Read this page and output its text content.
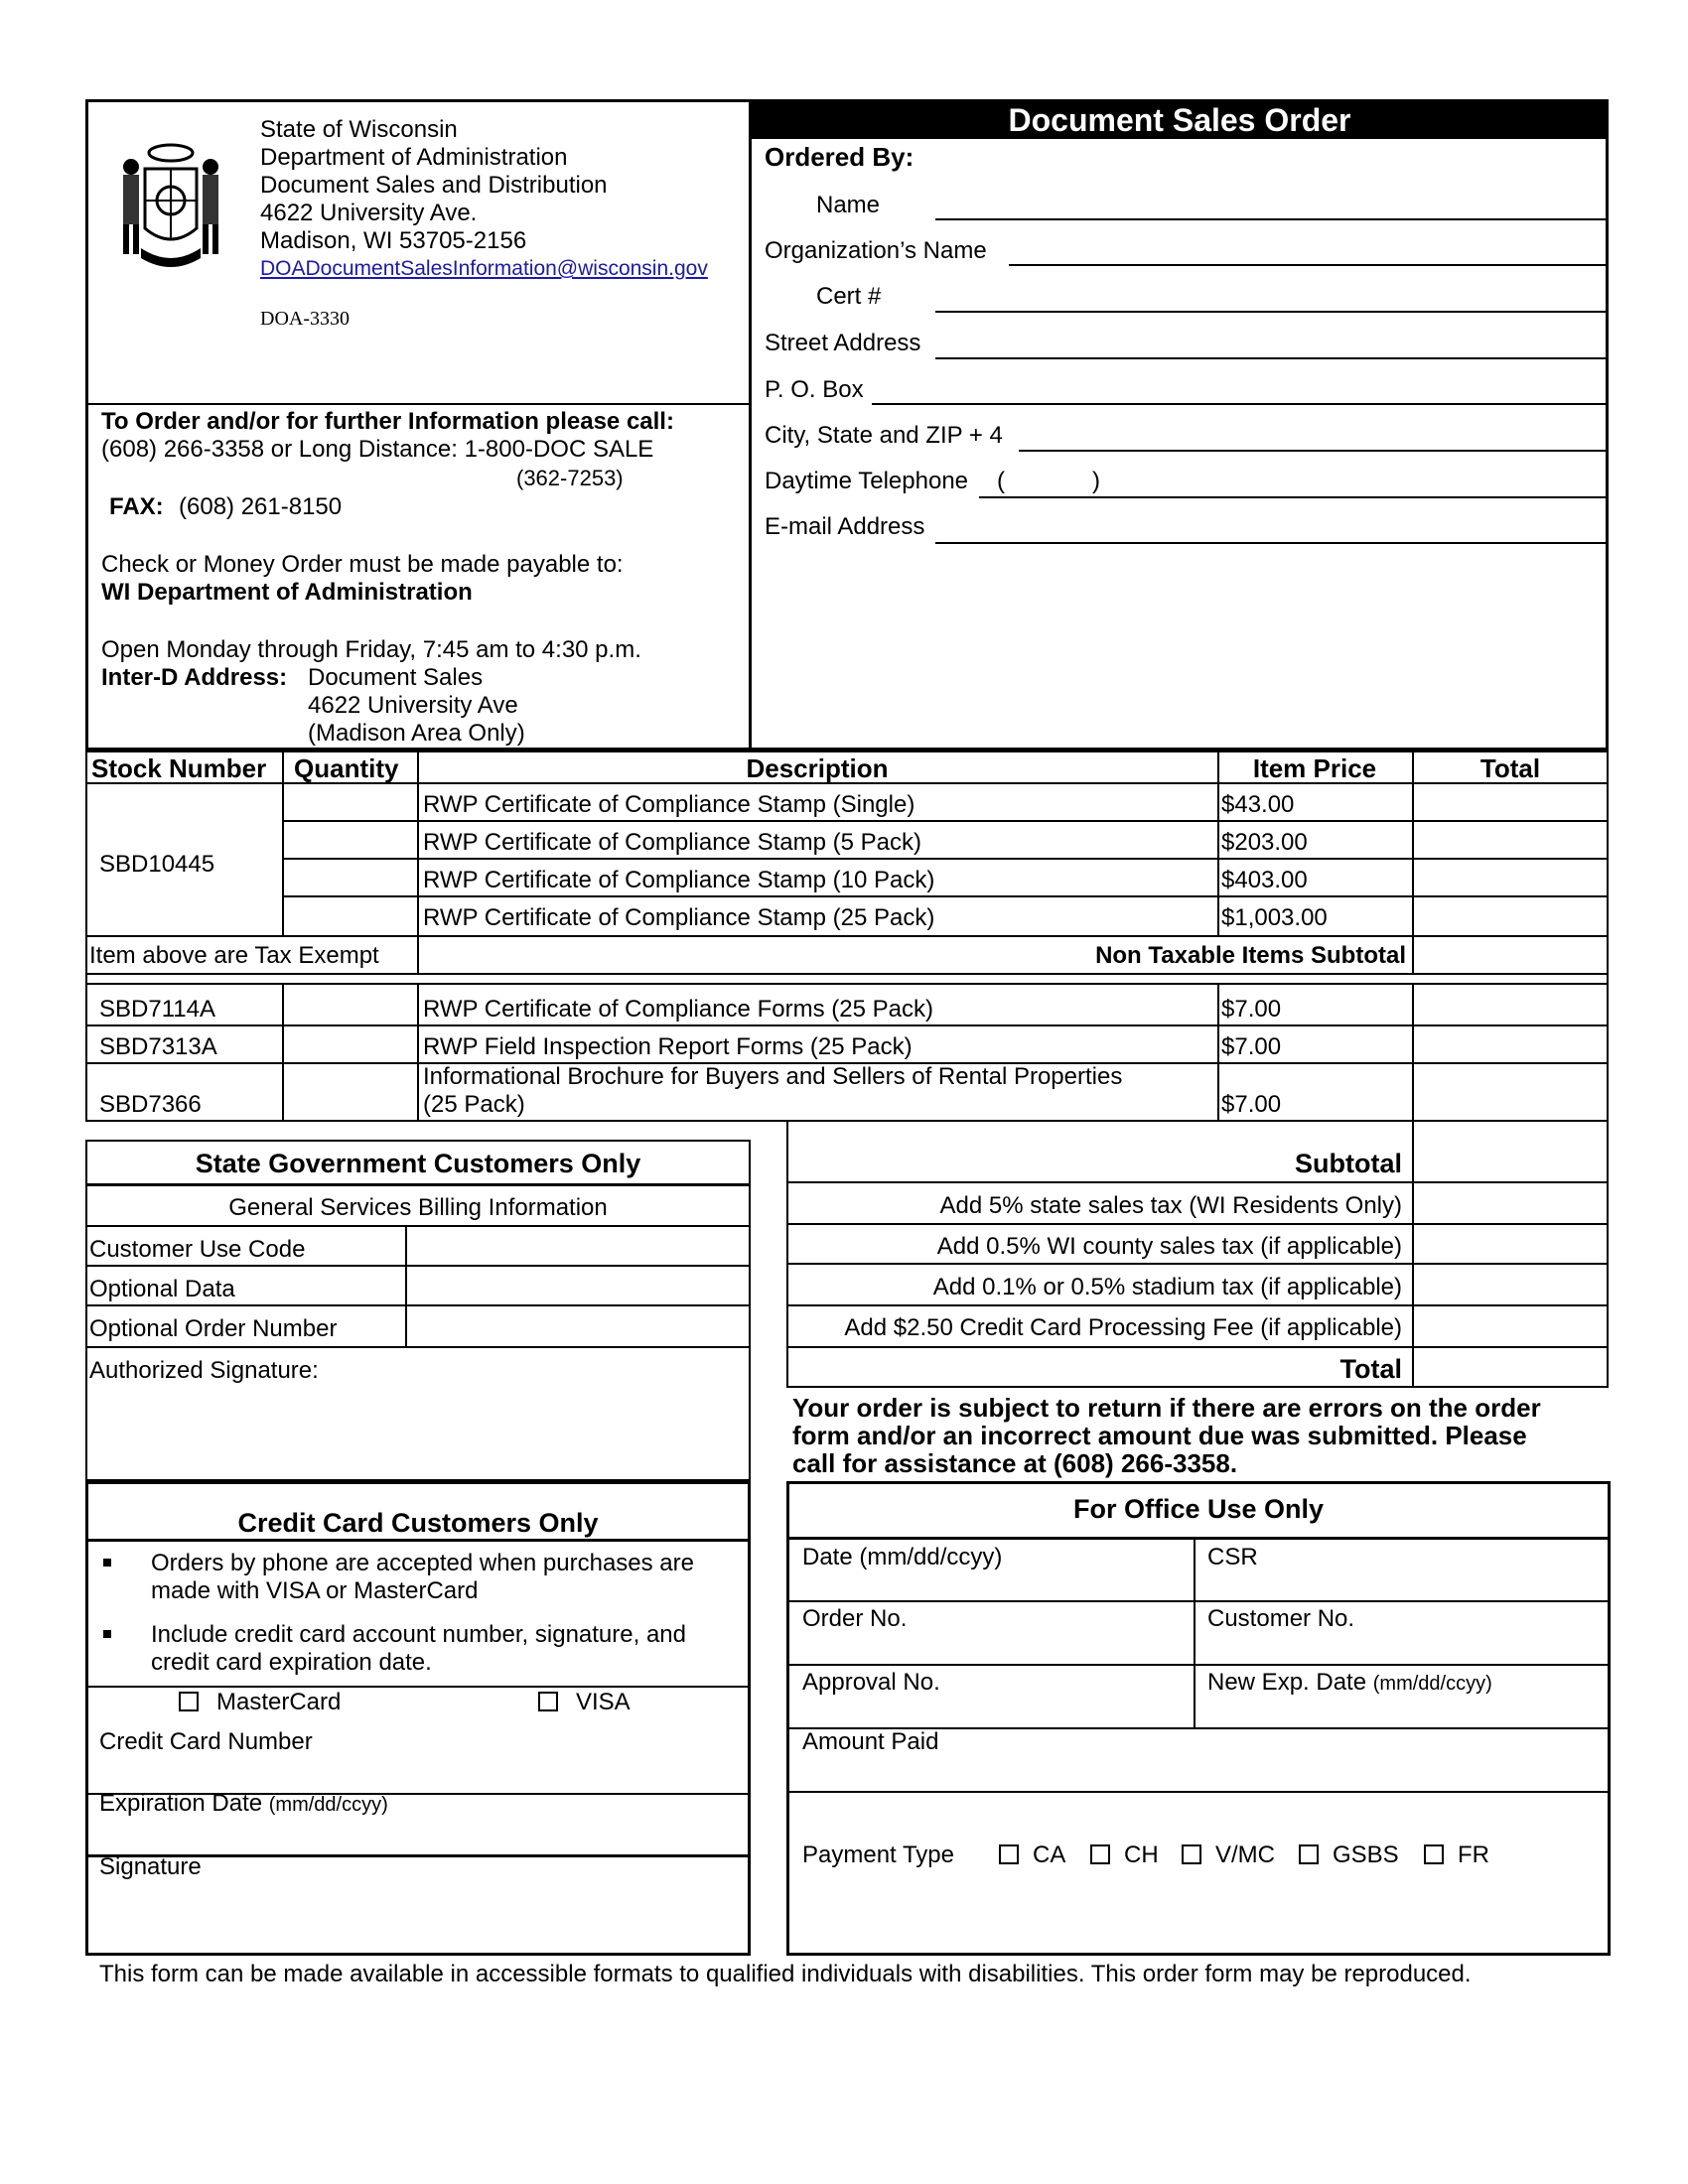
Document Sales Order
State of Wisconsin
Department of Administration
Document Sales and Distribution
4622 University Ave.
Madison, WI 53705-2156
DOADocumentSalesInformation@wisconsin.gov
DOA-3330
To Order and/or for further Information please call:
(608) 266-3358 or Long Distance: 1-800-DOC SALE
(362-7253)
FAX: (608) 261-8150
Check or Money Order must be made payable to:
WI Department of Administration
Open Monday through Friday, 7:45 am to 4:30 p.m.
Inter-D Address: Document Sales
4622 University Ave
(Madison Area Only)
Ordered By:
Name
Organization’s Name
Cert #
Street Address
P. O. Box
City, State and ZIP + 4
Daytime Telephone (	)
E-mail Address
Stock Number Quantity	Description	Item Price	Total
SBD10445
RWP Certificate of Compliance Stamp (Single)	$43.00
RWP Certificate of Compliance Stamp (5 Pack)	$203.00
RWP Certificate of Compliance Stamp (10 Pack)	$403.00
RWP Certificate of Compliance Stamp (25 Pack)	$1,003.00
Item above are Tax Exempt	Non Taxable Items Subtotal
SBD7114A	RWP Certificate of Compliance Forms (25 Pack)	$7.00
SBD7313A	RWP Field Inspection Report Forms (25 Pack)	$7.00
SBD7366
Informational Brochure for Buyers and Sellers of Rental Properties
(25 Pack)	$7.00
State Government Customers Only
General Services Billing Information
Customer Use Code
Optional Data
Optional Order Number
Authorized Signature:
Subtotal
Add 5% state sales tax (WI Residents Only)
Add 0.5% WI county sales tax (if applicable)
Add 0.1% or 0.5% stadium tax (if applicable)
Add $2.50 Credit Card Processing Fee (if applicable)
Total
Your order is subject to return if there are errors on the order
form and/or an incorrect amount due was submitted. Please
call for assistance at (608) 266-3358.
Credit Card Customers Only
Orders by phone are accepted when purchases are
made with VISA or MasterCard
Include credit card account number, signature, and
credit card expiration date.
MasterCard	VISA
Credit Card Number
Expiration Date (mm/dd/ccyy)
Signature
For Office Use Only
Date (mm/dd/ccyy)	CSR
Order No.	Customer No.
Approval No.	New Exp. Date (mm/dd/ccyy)
Amount Paid
Payment Type	CA CH V/MC GSBS FR
This form can be made available in accessible formats to qualified individuals with disabilities. This order form may be reproduced.
